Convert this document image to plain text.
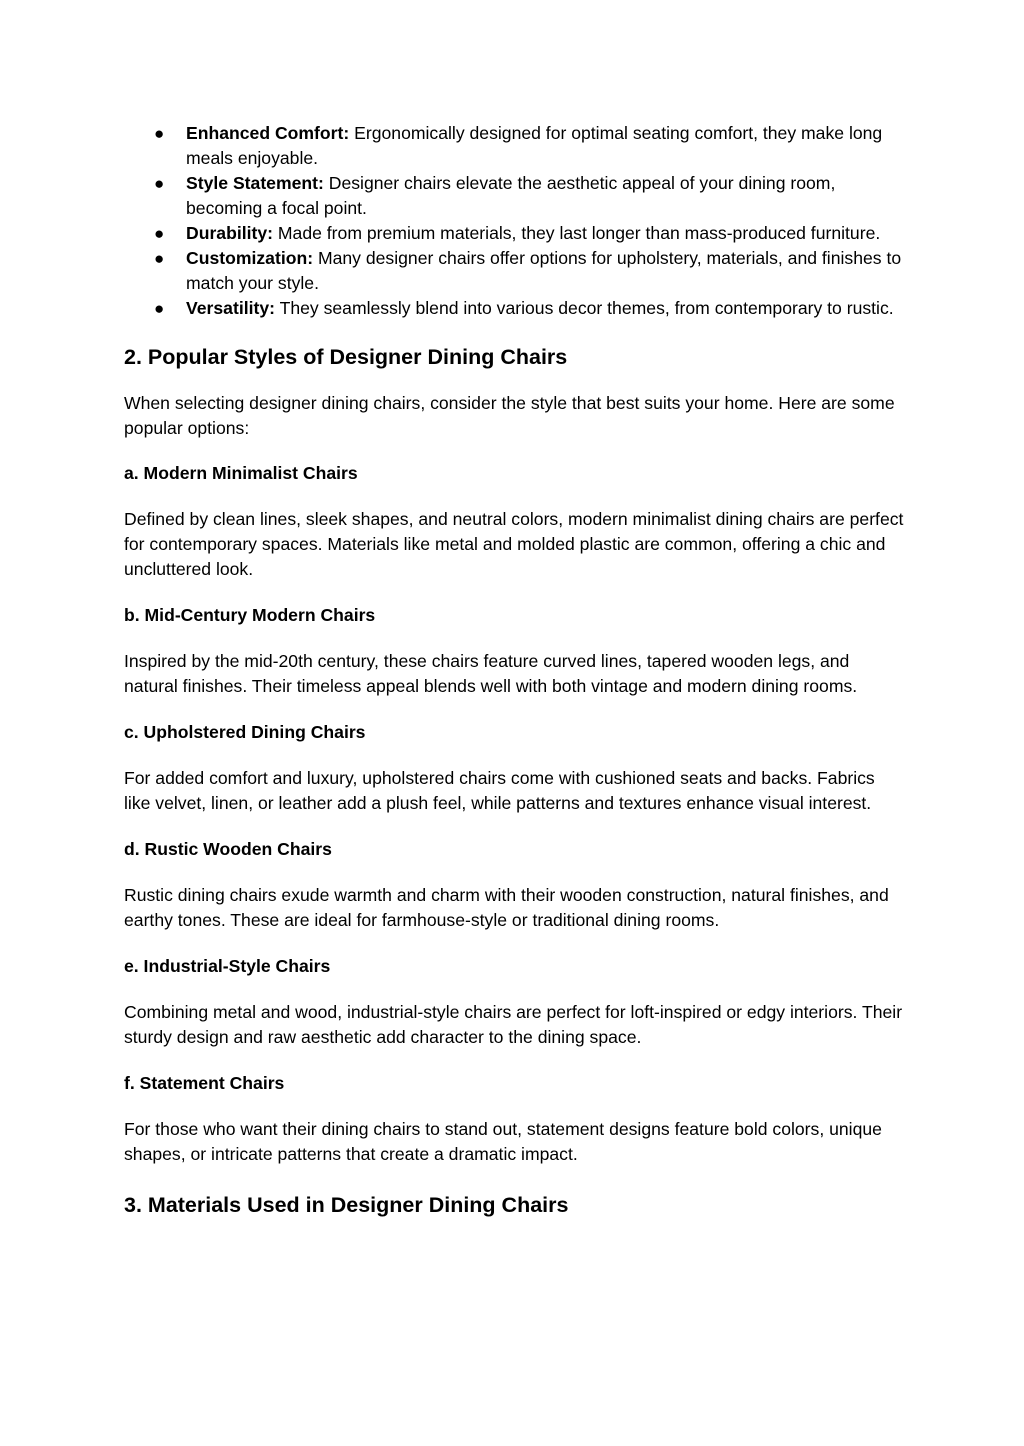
● Enhanced Comfort: Ergonomically designed for optimal seating comfort, they make long meals enjoyable.
● Style Statement: Designer chairs elevate the aesthetic appeal of your dining room, becoming a focal point.
● Durability: Made from premium materials, they last longer than mass-produced furniture.
● Customization: Many designer chairs offer options for upholstery, materials, and finishes to match your style.
● Versatility: They seamlessly blend into various decor themes, from contemporary to rustic.
2. Popular Styles of Designer Dining Chairs

When selecting designer dining chairs, consider the style that best suits your home. Here are some popular options:

a. Modern Minimalist Chairs

Defined by clean lines, sleek shapes, and neutral colors, modern minimalist dining chairs are perfect for contemporary spaces. Materials like metal and molded plastic are common, offering a chic and uncluttered look.

b. Mid-Century Modern Chairs

Inspired by the mid-20th century, these chairs feature curved lines, tapered wooden legs, and natural finishes. Their timeless appeal blends well with both vintage and modern dining rooms.

c. Upholstered Dining Chairs

For added comfort and luxury, upholstered chairs come with cushioned seats and backs. Fabrics like velvet, linen, or leather add a plush feel, while patterns and textures enhance visual interest.

d. Rustic Wooden Chairs

Rustic dining chairs exude warmth and charm with their wooden construction, natural finishes, and earthy tones. These are ideal for farmhouse-style or traditional dining rooms.

e. Industrial-Style Chairs

Combining metal and wood, industrial-style chairs are perfect for loft-inspired or edgy interiors. Their sturdy design and raw aesthetic add character to the dining space.

f. Statement Chairs

For those who want their dining chairs to stand out, statement designs feature bold colors, unique shapes, or intricate patterns that create a dramatic impact.

3. Materials Used in Designer Dining Chairs
